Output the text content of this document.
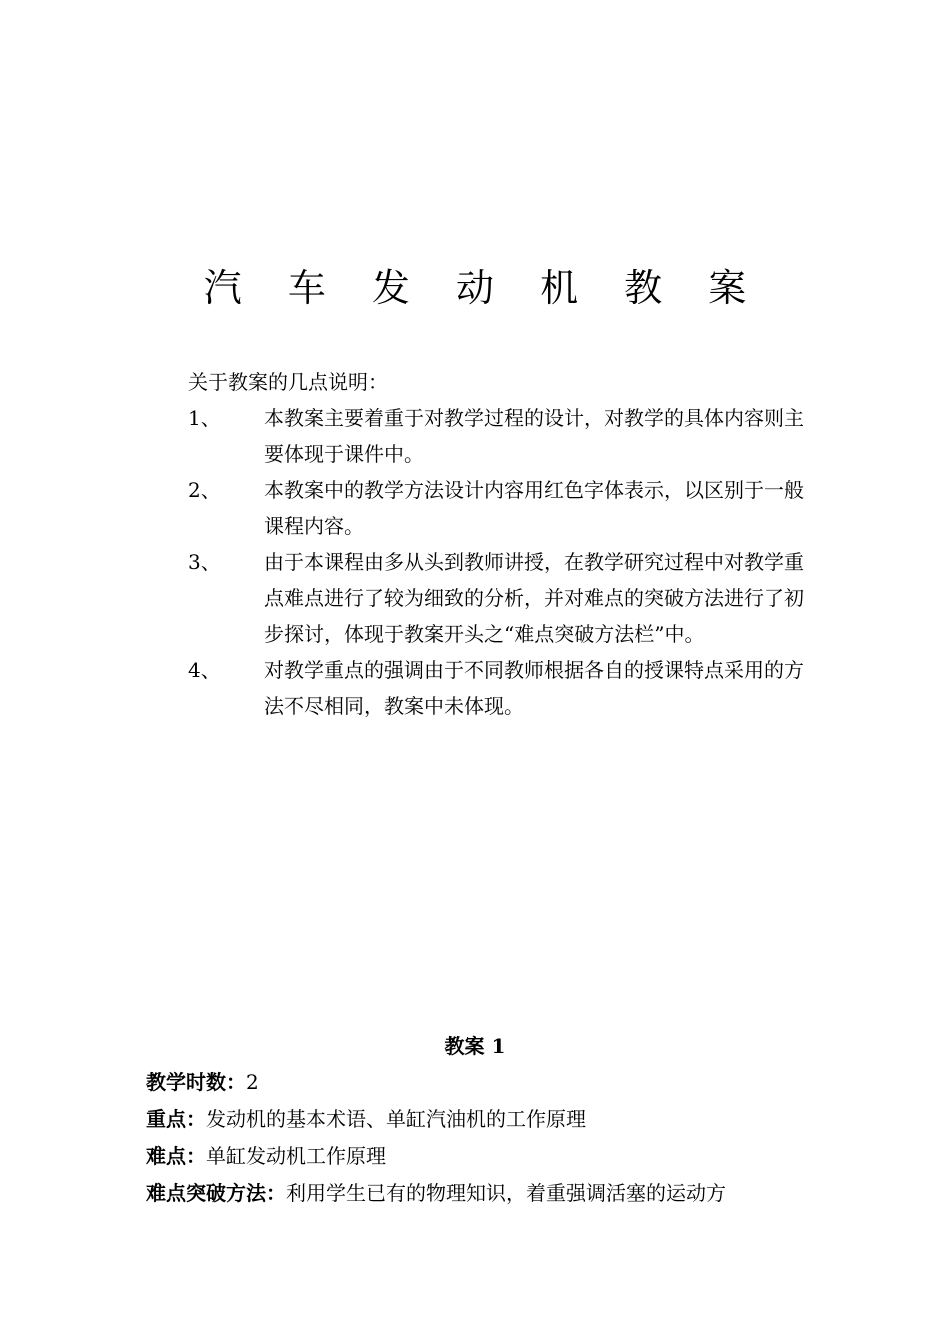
汽 车 发 动 机 教 案
关于教案的几点说明：
1、 本教案主要着重于对教学过程的设计，对教学的具体内容则主要体现于课件中。
2、 本教案中的教学方法设计内容用红色字体表示，以区别于一般课程内容。
3、 由于本课程由多从头到教师讲授，在教学研究过程中对教学重点难点进行了较为细致的分析，并对难点的突破方法进行了初步探讨，体现于教案开头之“难点突破方法栏”中。
4、 对教学重点的强调由于不同教师根据各自的授课特点采用的方法不尽相同，教案中未体现。
教案 1
教学时数：2
重点：发动机的基本术语、单缸汽油机的工作原理
难点：单缸发动机工作原理
难点突破方法：利用学生已有的物理知识，着重强调活塞的运动方
